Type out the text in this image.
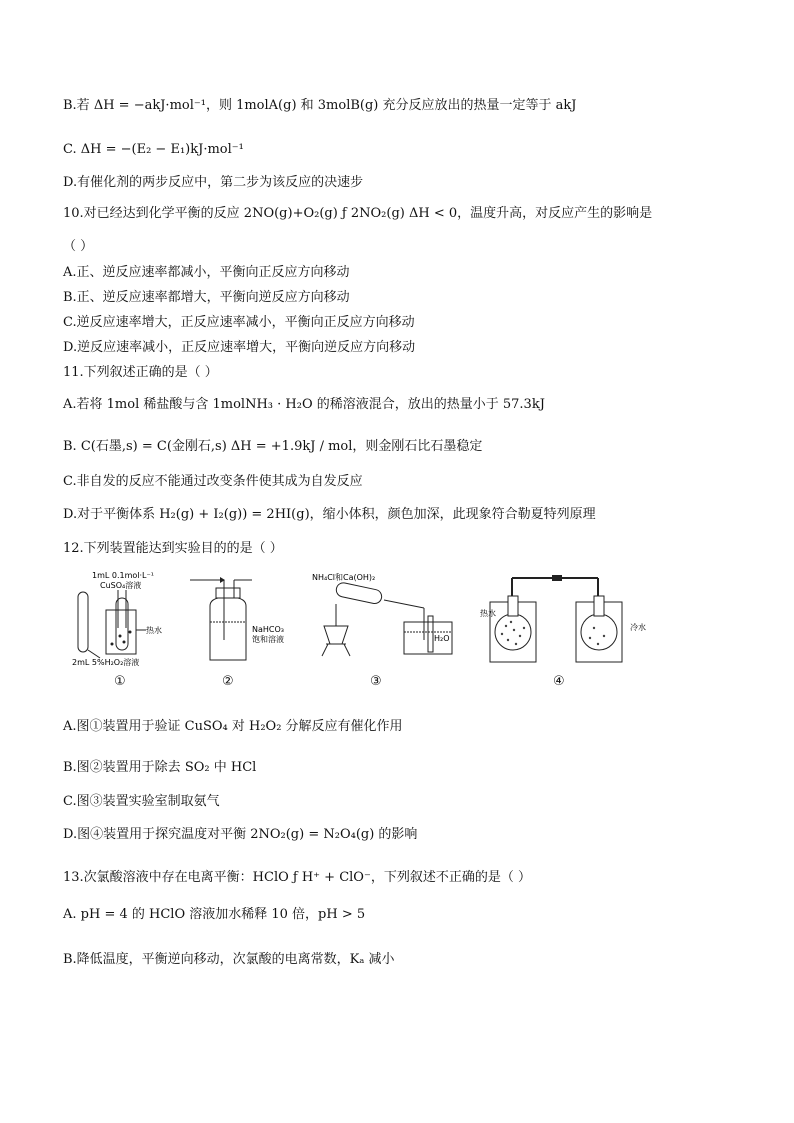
B.若 ΔH = −akJ·mol⁻¹，则 1molA(g) 和 3molB(g) 充分反应放出的热量一定等于 akJ
C. ΔH = −(E₂ − E₁)kJ·mol⁻¹
D.有催化剂的两步反应中，第二步为该反应的决速步
10.对已经达到化学平衡的反应 2NO(g)+O₂(g) ƒ 2NO₂(g) ΔH < 0，温度升高，对反应产生的影响是
（ ）
A.正、逆反应速率都减小，平衡向正反应方向移动
B.正、逆反应速率都增大，平衡向逆反应方向移动
C.逆反应速率增大，正反应速率减小，平衡向正反应方向移动
D.逆反应速率减小，正反应速率增大，平衡向逆反应方向移动
11.下列叙述正确的是（ ）
A.若将 1mol 稀盐酸与含 1molNH₃ · H₂O 的稀溶液混合，放出的热量小于 57.3kJ
B. C(石墨,s) = C(金刚石,s) ΔH = +1.9kJ / mol，则金刚石比石墨稳定
C.非自发的反应不能通过改变条件使其成为自发反应
D.对于平衡体系 H₂(g) + I₂(g)) = 2HI(g)，缩小体积，颜色加深，此现象符合勒夏特列原理
12.下列装置能达到实验目的的是（ ）
A.图①装置用于验证 CuSO₄ 对 H₂O₂ 分解反应有催化作用
B.图②装置用于除去 SO₂ 中 HCl
C.图③装置实验室制取氨气
D.图④装置用于探究温度对平衡 2NO₂(g) = N₂O₄(g) 的影响
13.次氯酸溶液中存在电离平衡：HClO ƒ H⁺ + ClO⁻，下列叙述不正确的是（ ）
A. pH = 4 的 HClO 溶液加水稀释 10 倍，pH > 5
B.降低温度，平衡逆向移动，次氯酸的电离常数，Kₐ 减小
1mL 0.1mol·L⁻¹
CuSO₄溶液
热水
2mL 5%H₂O₂溶液
①
NaHCO₃
饱和溶液
②
NH₄Cl和Ca(OH)₂
H₂O
③
热水
冷水
④
